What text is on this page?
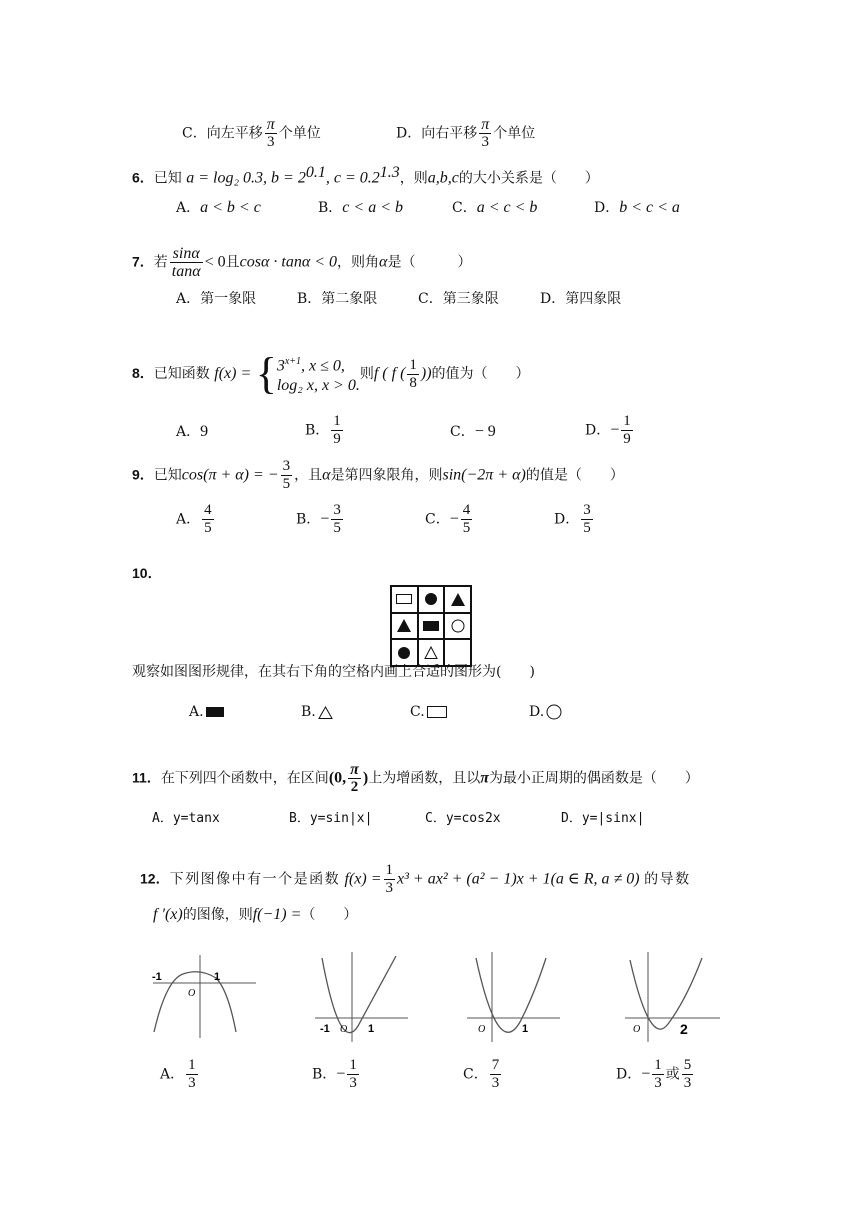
C．向左平移 $\frac{\pi}{3}$ 个单位	D．向右平移 $\frac{\pi}{3}$ 个单位
6．已知 a = log₂ 0.3, $b = 2^{0.1}$, $c = 0.2^{1.3}$，则a,b,c的大小关系是（　　）
A．a < b < c	B．c < a < b	C．a < c < b	D．b < c < a
7．若 $\frac{\sin\alpha}{\tan\alpha} < 0$且cosα · tanα < 0，则角α是（　　　）
A．第一象限	B．第二象限	C．第三象限	D．第四象限
8．已知函数 f(x) = { $3^{x+1}$, x ≤ 0,
log₂ x, x > 0.
则f ( f ( $\frac{1}{8}$ ))的值为（　　）
A．9	B． $\frac{1}{9}$	C．− 9	D．− $\frac{1}{9}$
9．已知cos(π + α) = − $\frac{3}{5}$ ，且α是第四象限角，则sin(−2π + α)的值是（　　）
A． $\frac{4}{5}$	B．− $\frac{3}{5}$	C．− $\frac{4}{5}$	D． $\frac{3}{5}$
10．
观察如图图形规律，在其右下角的空格内画上合适的图形为(　　)
A.	B.	C.	D.
11．在下列四个函数中，在区间(0, $\frac{\pi}{2}$ )上为增函数，且以π为最小正周期的偶函数是（　　）
A．y=tanx	B．y=sin|x|	C．y=cos2x	D．y=|sinx|
12．下列图像中有一个是函数 $f(x) = \frac{1}{3} x^3 + ax^2 + (a^2 - 1)x + 1(a$ ∈ R, a ≠ 0) 的导数
f ′(x)的图像，则f(−1) =（　　）
-1
O
1
-1 O 1	O	1	O	2
A． $\frac{1}{3}$	B．− $\frac{1}{3}$	C． $\frac{7}{3}$	D．− $\frac{1}{3}$ 或 $\frac{5}{3}$
